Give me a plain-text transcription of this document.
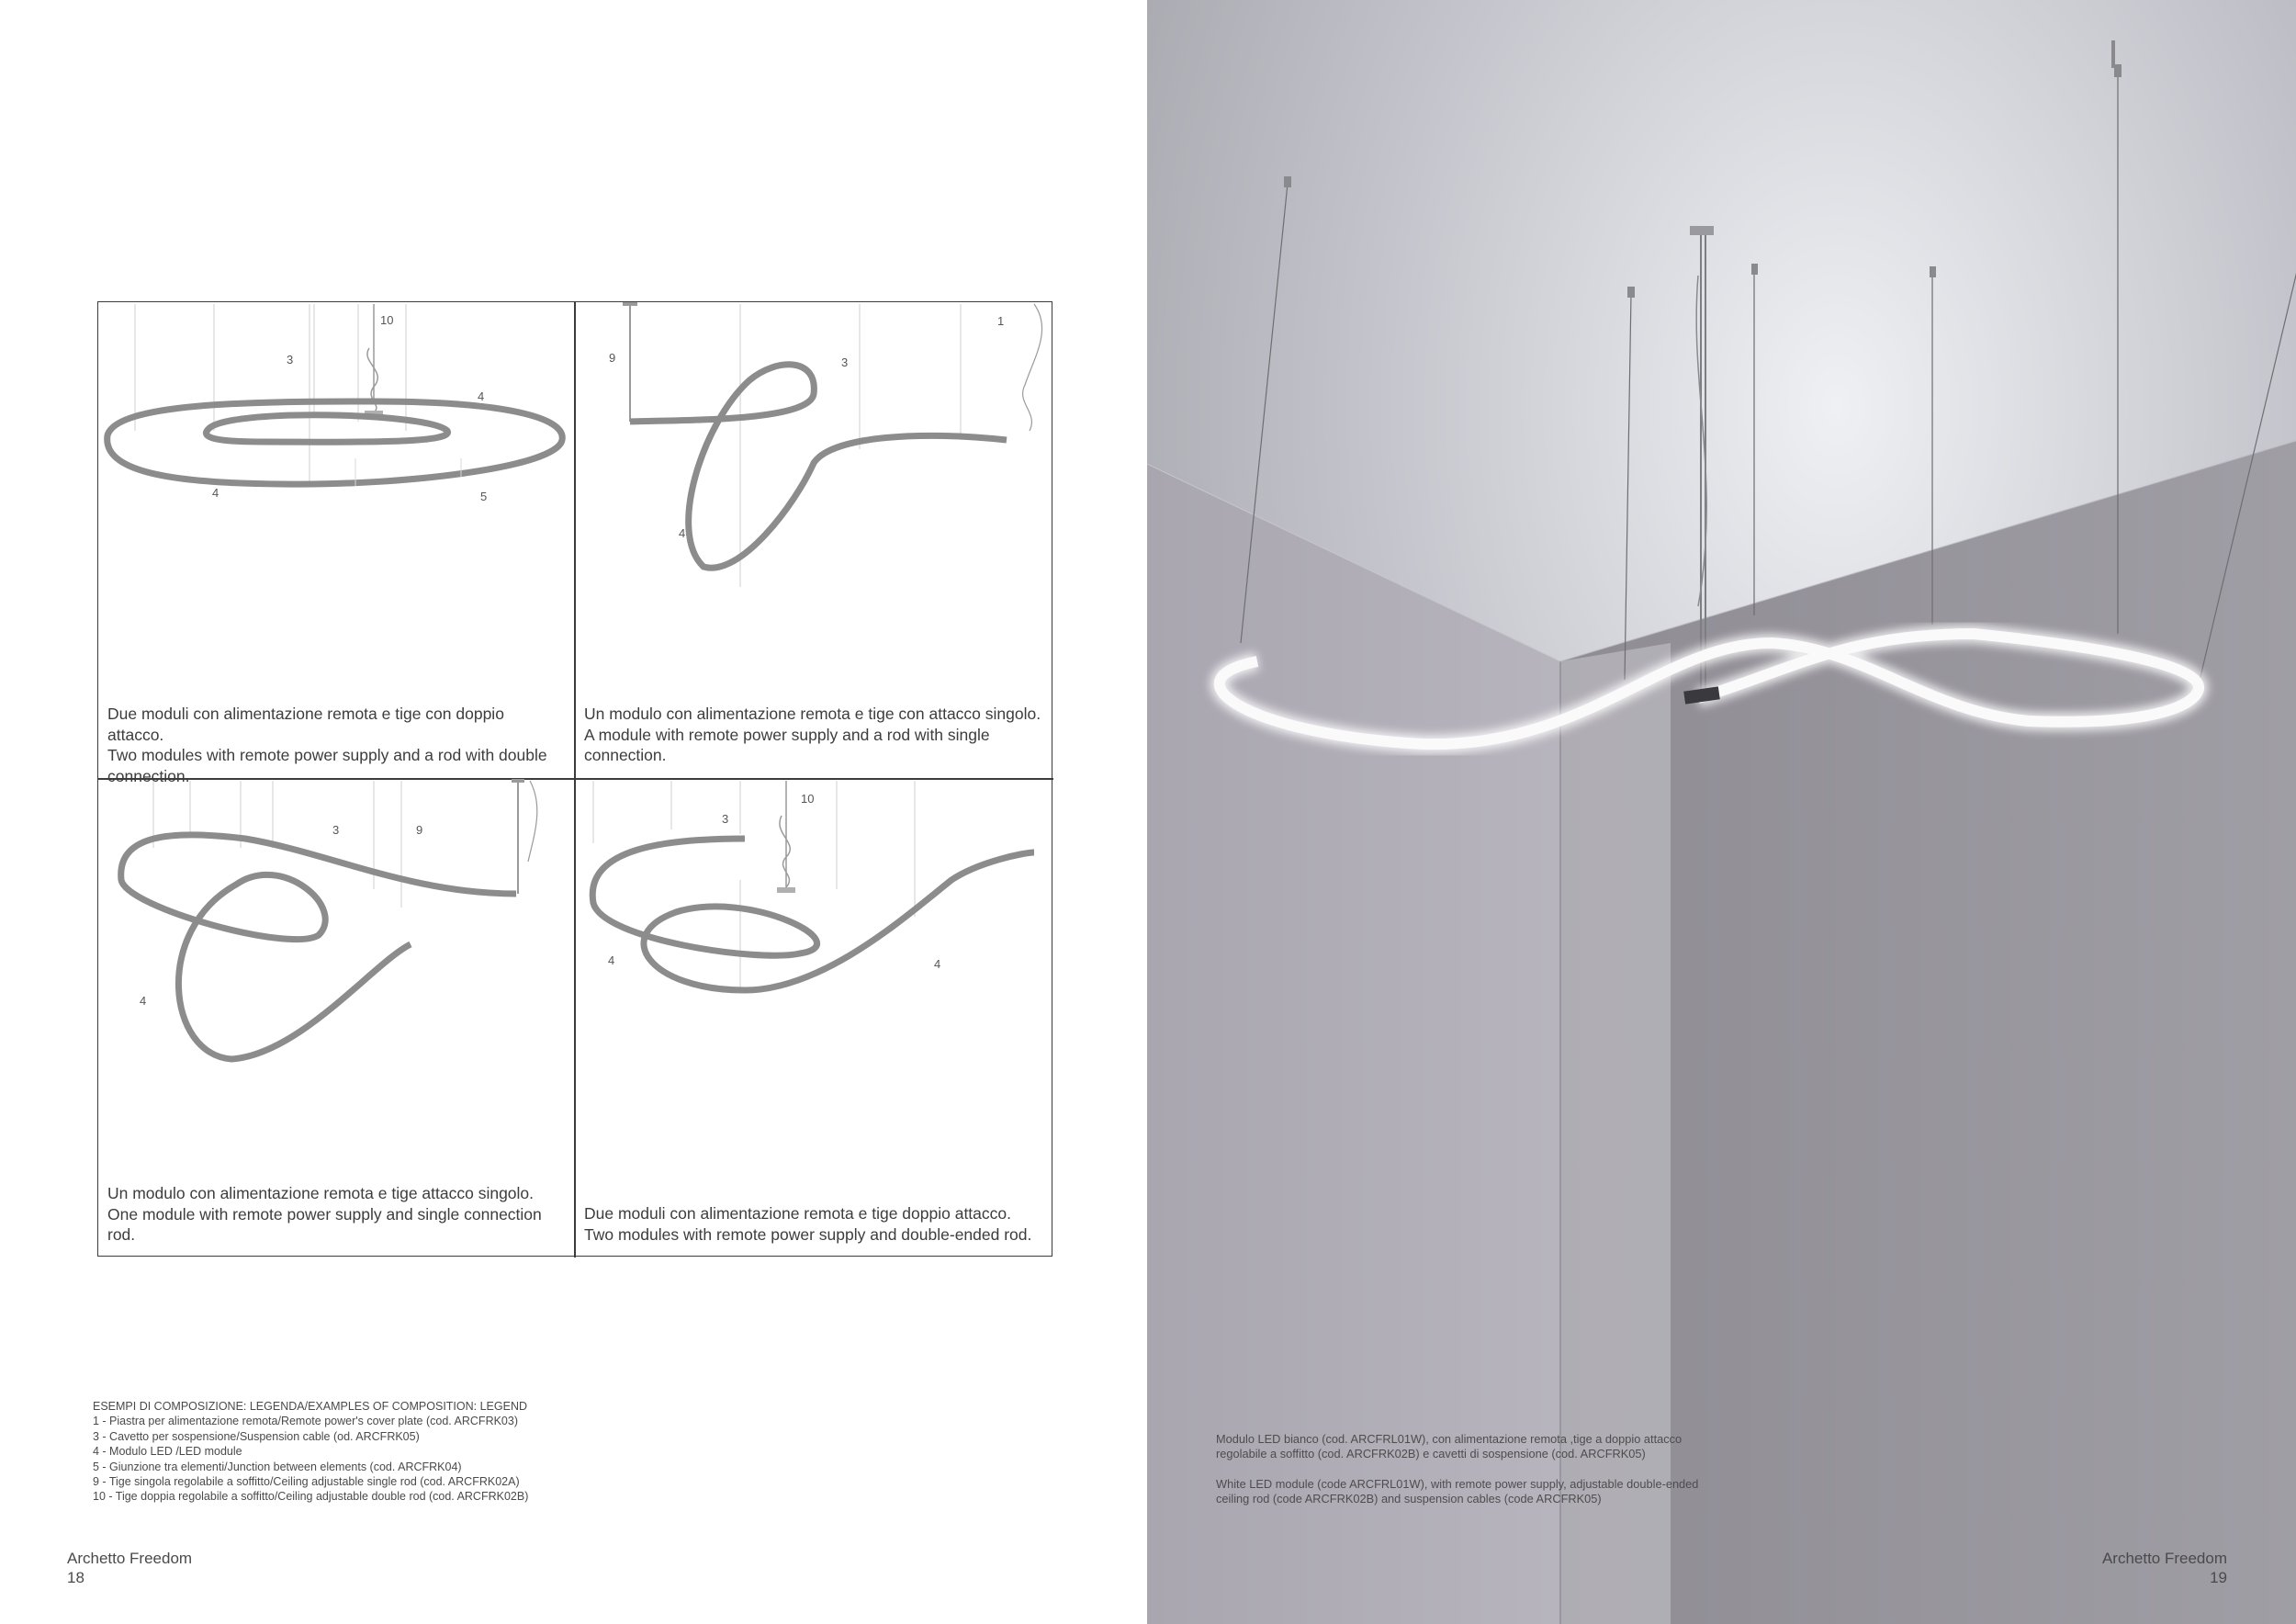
10
3
4
4	5
Due moduli con alimentazione remota e tige con doppio attacco.
Two modules with remote power supply and a rod with double connection.
1
9	3
4
Un modulo con alimentazione remota e tige con attacco singolo.
A module with remote power supply and a rod with single connection.
9
3
4
Un modulo con alimentazione remota e tige attacco singolo.
One module with remote power supply and single connection rod.
10
3
4	4
Due moduli con alimentazione remota e tige doppio attacco.
Two modules with remote power supply and double-ended rod.
ESEMPI DI COMPOSIZIONE: LEGENDA/EXAMPLES OF COMPOSITION: LEGEND
1 - Piastra per alimentazione remota/Remote power's cover plate (cod. ARCFRK03)
3 - Cavetto per sospensione/Suspension cable (od. ARCFRK05)
4 - Modulo LED /LED module
5 - Giunzione tra elementi/Junction between elements (cod. ARCFRK04)
9 - Tige singola regolabile a soffitto/Ceiling adjustable single rod (cod. ARCFRK02A)
10 - Tige doppia regolabile a soffitto/Ceiling adjustable double rod (cod. ARCFRK02B)
Archetto Freedom
18

Modulo LED bianco (cod. ARCFRL01W), con alimentazione remota ,tige a doppio attacco regolabile a soffitto (cod. ARCFRK02B) e cavetti di sospensione (cod. ARCFRK05)

White LED module (code ARCFRL01W), with remote power supply, adjustable double-ended ceiling rod (code ARCFRK02B) and suspension cables (code ARCFRK05)

Archetto Freedom
19
